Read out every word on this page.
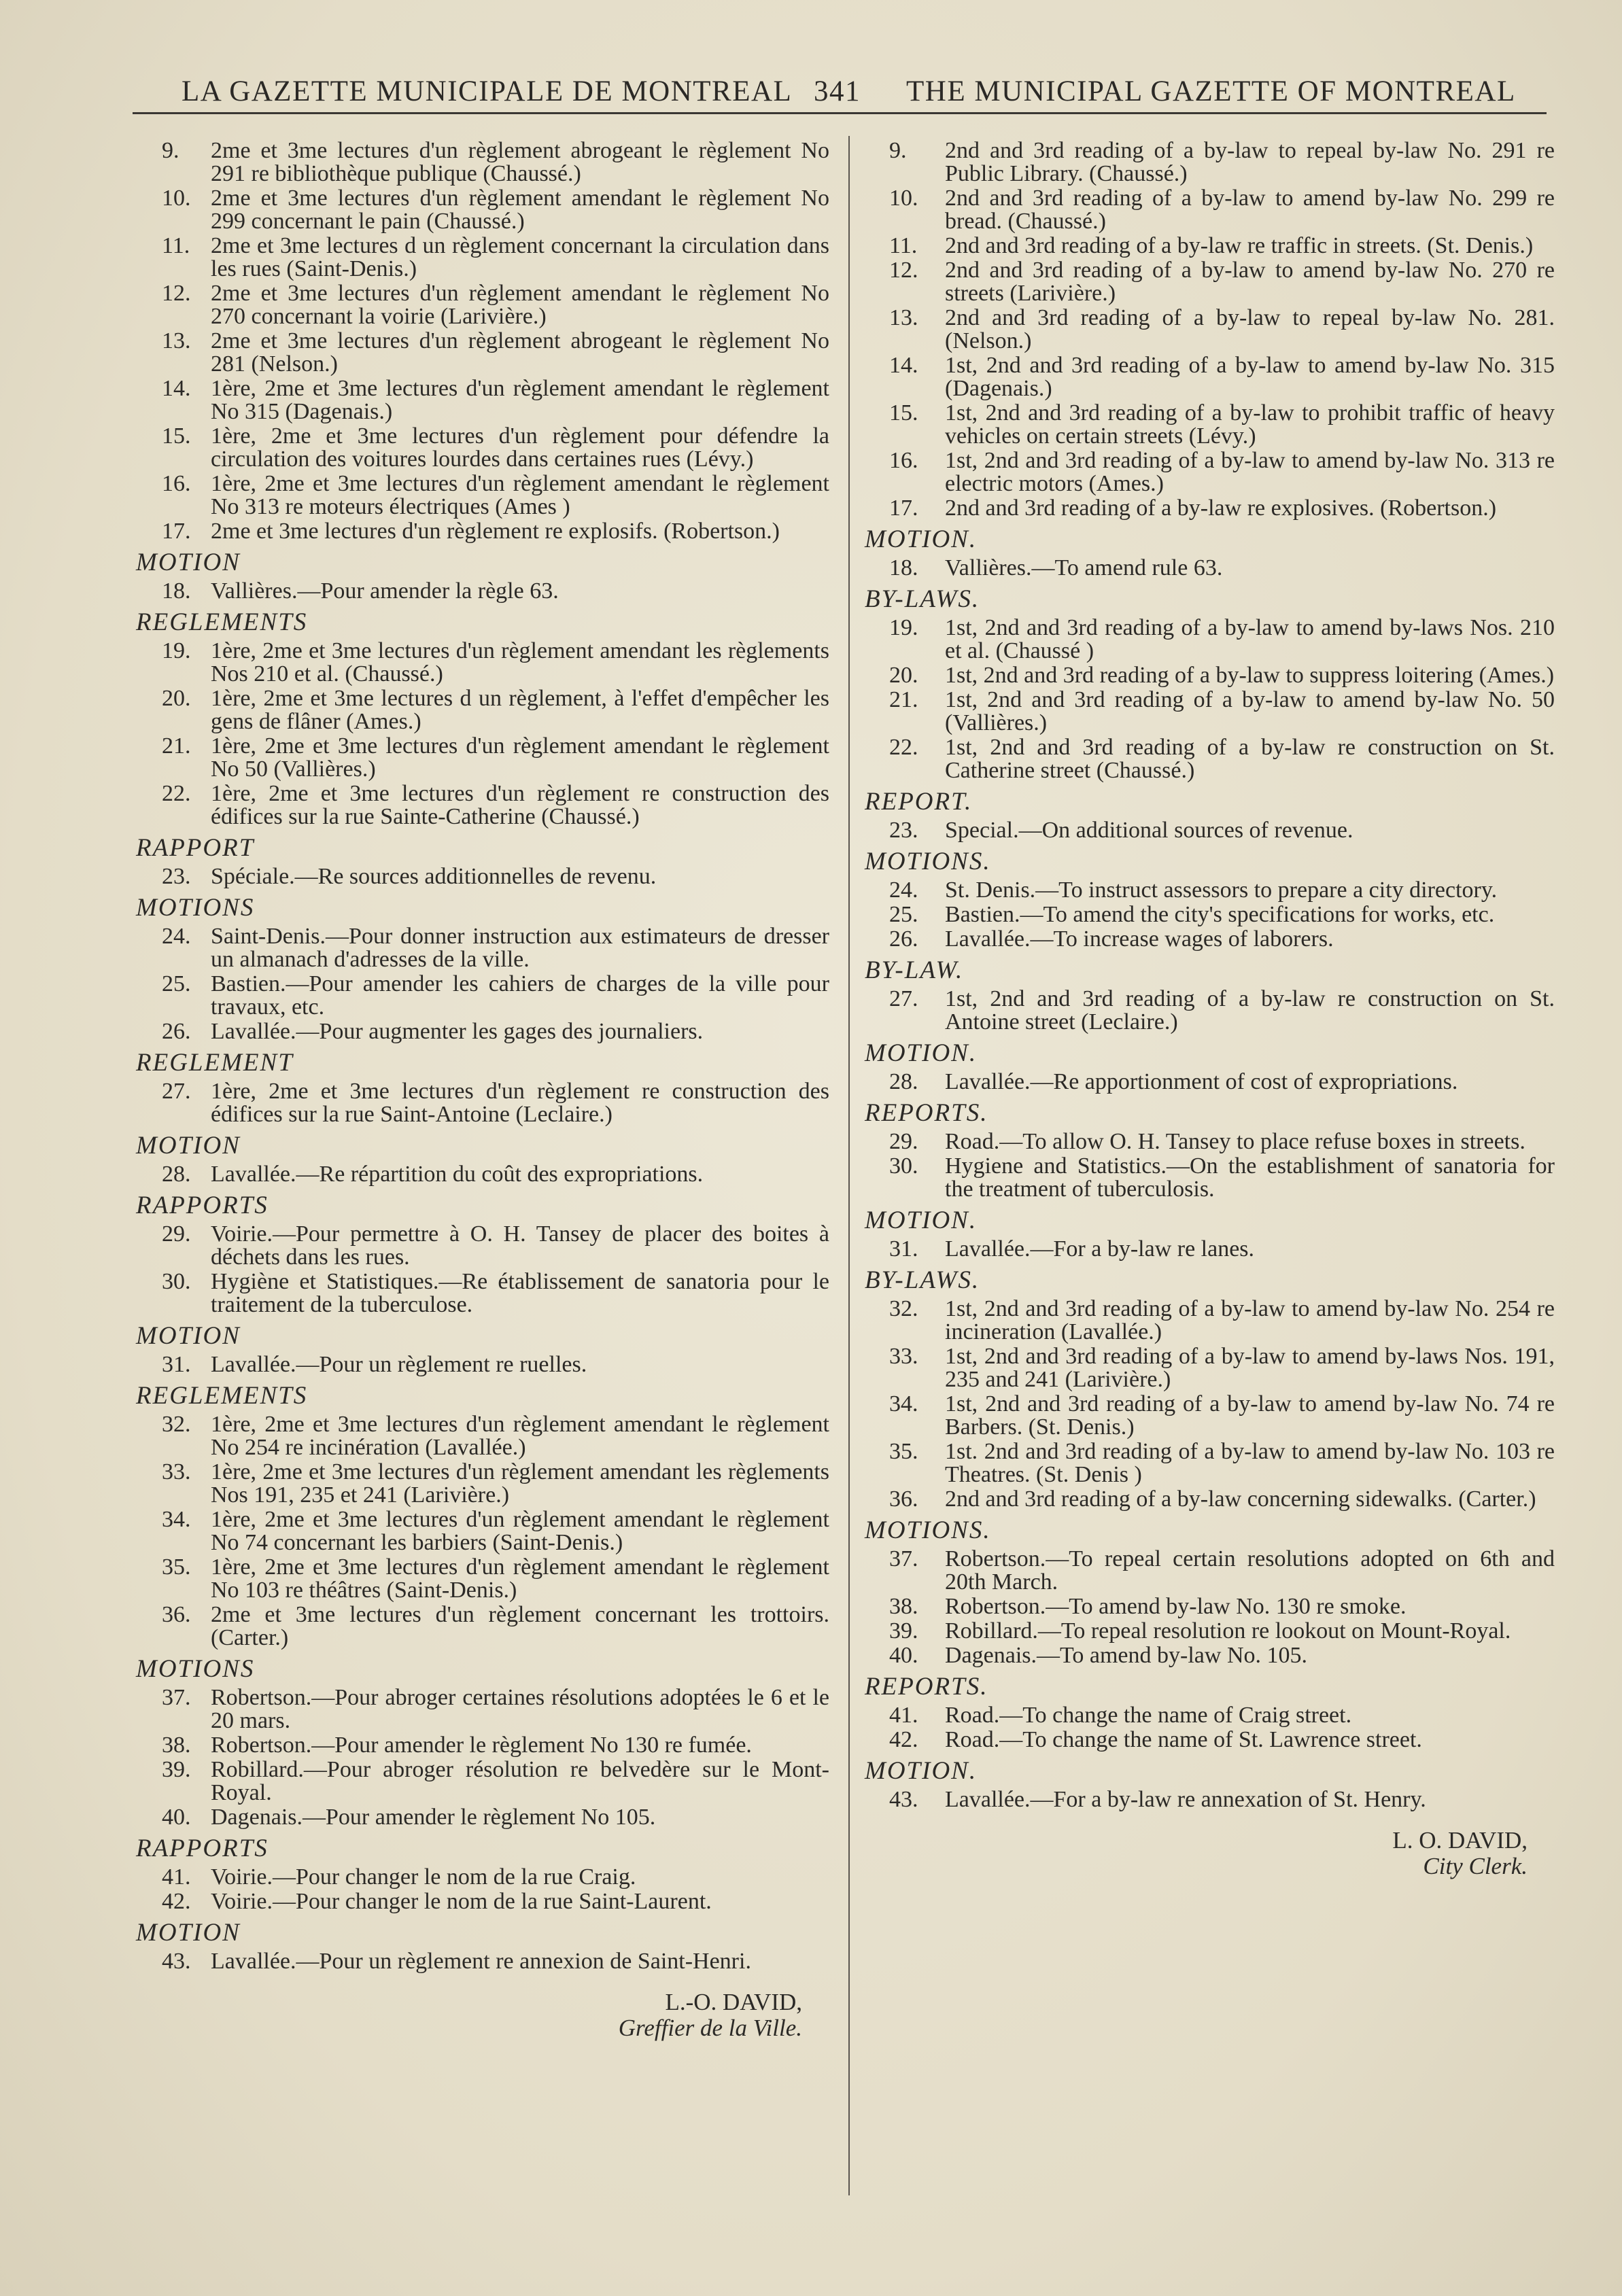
LA GAZETTE MUNICIPALE DE MONTREAL 341 THE MUNICIPAL GAZETTE OF MONTREAL
9. 2me et 3me lectures d'un règlement abrogeant le règlement No 291 re bibliothèque publique (Chaussé.)
10. 2me et 3me lectures d'un règlement amendant le règlement No 299 concernant le pain (Chaussé.)
11. 2me et 3me lectures d un règlement concernant la circulation dans les rues (Saint-Denis.)
12. 2me et 3me lectures d'un règlement amendant le règlement No 270 concernant la voirie (Larivière.)
13. 2me et 3me lectures d'un règlement abrogeant le règlement No 281 (Nelson.)
14. 1ère, 2me et 3me lectures d'un règlement amendant le règlement No 315 (Dagenais.)
15. 1ère, 2me et 3me lectures d'un règlement pour défendre la circulation des voitures lourdes dans certaines rues (Lévy.)
16. 1ère, 2me et 3me lectures d'un règlement amendant le règlement No 313 re moteurs électriques (Ames )
17. 2me et 3me lectures d'un règlement re explosifs. (Robertson.)
MOTION
18. Vallières.—Pour amender la règle 63.
REGLEMENTS
19. 1ère, 2me et 3me lectures d'un règlement amendant les règlements Nos 210 et al. (Chaussé.)
20. 1ère, 2me et 3me lectures d un règlement, à l'effet d'empêcher les gens de flâner (Ames.)
21. 1ère, 2me et 3me lectures d'un règlement amendant le règlement No 50 (Vallières.)
22. 1ère, 2me et 3me lectures d'un règlement re construction des édifices sur la rue Sainte-Catherine (Chaussé.)
RAPPORT
23. Spéciale.—Re sources additionnelles de revenu.
MOTIONS
24. Saint-Denis.—Pour donner instruction aux estimateurs de dresser un almanach d'adresses de la ville.
25. Bastien.—Pour amender les cahiers de charges de la ville pour travaux, etc.
26. Lavallée.—Pour augmenter les gages des journaliers.
REGLEMENT
27. 1ère, 2me et 3me lectures d'un règlement re construction des édifices sur la rue Saint-Antoine (Leclaire.)
MOTION
28. Lavallée.—Re répartition du coût des expropriations.
RAPPORTS
29. Voirie.—Pour permettre à O. H. Tansey de placer des boites à déchets dans les rues.
30. Hygiène et Statistiques.—Re établissement de sanatoria pour le traitement de la tuberculose.
MOTION
31. Lavallée.—Pour un règlement re ruelles.
REGLEMENTS
32. 1ère, 2me et 3me lectures d'un règlement amendant le règlement No 254 re incinération (Lavallée.)
33. 1ère, 2me et 3me lectures d'un règlement amendant les règlements Nos 191, 235 et 241 (Larivière.)
34. 1ère, 2me et 3me lectures d'un règlement amendant le règlement No 74 concernant les barbiers (Saint-Denis.)
35. 1ère, 2me et 3me lectures d'un règlement amendant le règlement No 103 re théâtres (Saint-Denis.)
36. 2me et 3me lectures d'un règlement concernant les trottoirs. (Carter.)
MOTIONS
37. Robertson.—Pour abroger certaines résolutions adoptées le 6 et le 20 mars.
38. Robertson.—Pour amender le règlement No 130 re fumée.
39. Robillard.—Pour abroger résolution re belvedère sur le Mont-Royal.
40. Dagenais.—Pour amender le règlement No 105.
RAPPORTS
41. Voirie.—Pour changer le nom de la rue Craig.
42. Voirie.—Pour changer le nom de la rue Saint-Laurent.
MOTION
43. Lavallée.—Pour un règlement re annexion de Saint-Henri.
L.-O. DAVID,
Greffier de la Ville.
9. 2nd and 3rd reading of a by-law to repeal by-law No. 291 re Public Library. (Chaussé.)
10. 2nd and 3rd reading of a by-law to amend by-law No. 299 re bread. (Chaussé.)
11. 2nd and 3rd reading of a by-law re traffic in streets. (St. Denis.)
12. 2nd and 3rd reading of a by-law to amend by-law No. 270 re streets (Larivière.)
13. 2nd and 3rd reading of a by-law to repeal by-law No. 281. (Nelson.)
14. 1st, 2nd and 3rd reading of a by-law to amend by-law No. 315 (Dagenais.)
15. 1st, 2nd and 3rd reading of a by-law to prohibit traffic of heavy vehicles on certain streets (Lévy.)
16. 1st, 2nd and 3rd reading of a by-law to amend by-law No. 313 re electric motors (Ames.)
17. 2nd and 3rd reading of a by-law re explosives. (Robertson.)
MOTION.
18. Vallières.—To amend rule 63.
BY-LAWS.
19. 1st, 2nd and 3rd reading of a by-law to amend by-laws Nos. 210 et al. (Chaussé )
20. 1st, 2nd and 3rd reading of a by-law to suppress loitering (Ames.)
21. 1st, 2nd and 3rd reading of a by-law to amend by-law No. 50 (Vallières.)
22. 1st, 2nd and 3rd reading of a by-law re construction on St. Catherine street (Chaussé.)
REPORT.
23. Special.—On additional sources of revenue.
MOTIONS.
24. St. Denis.—To instruct assessors to prepare a city directory.
25. Bastien.—To amend the city's specifications for works, etc.
26. Lavallée.—To increase wages of laborers.
BY-LAW.
27. 1st, 2nd and 3rd reading of a by-law re construction on St. Antoine street (Leclaire.)
MOTION.
28. Lavallée.—Re apportionment of cost of expropriations.
REPORTS.
29. Road.—To allow O. H. Tansey to place refuse boxes in streets.
30. Hygiene and Statistics.—On the establishment of sanatoria for the treatment of tuberculosis.
MOTION.
31. Lavallée.—For a by-law re lanes.
BY-LAWS.
32. 1st, 2nd and 3rd reading of a by-law to amend by-law No. 254 re incineration (Lavallée.)
33. 1st, 2nd and 3rd reading of a by-law to amend by-laws Nos. 191, 235 and 241 (Larivière.)
34. 1st, 2nd and 3rd reading of a by-law to amend by-law No. 74 re Barbers. (St. Denis.)
35. 1st. 2nd and 3rd reading of a by-law to amend by-law No. 103 re Theatres. (St. Denis )
36. 2nd and 3rd reading of a by-law concerning sidewalks. (Carter.)
MOTIONS.
37. Robertson.—To repeal certain resolutions adopted on 6th and 20th March.
38. Robertson.—To amend by-law No. 130 re smoke.
39. Robillard.—To repeal resolution re lookout on Mount-Royal.
40. Dagenais.—To amend by-law No. 105.
REPORTS.
41. Road.—To change the name of Craig street.
42. Road.—To change the name of St. Lawrence street.
MOTION.
43. Lavallée.—For a by-law re annexation of St. Henry.
L. O. DAVID,
City Clerk.
